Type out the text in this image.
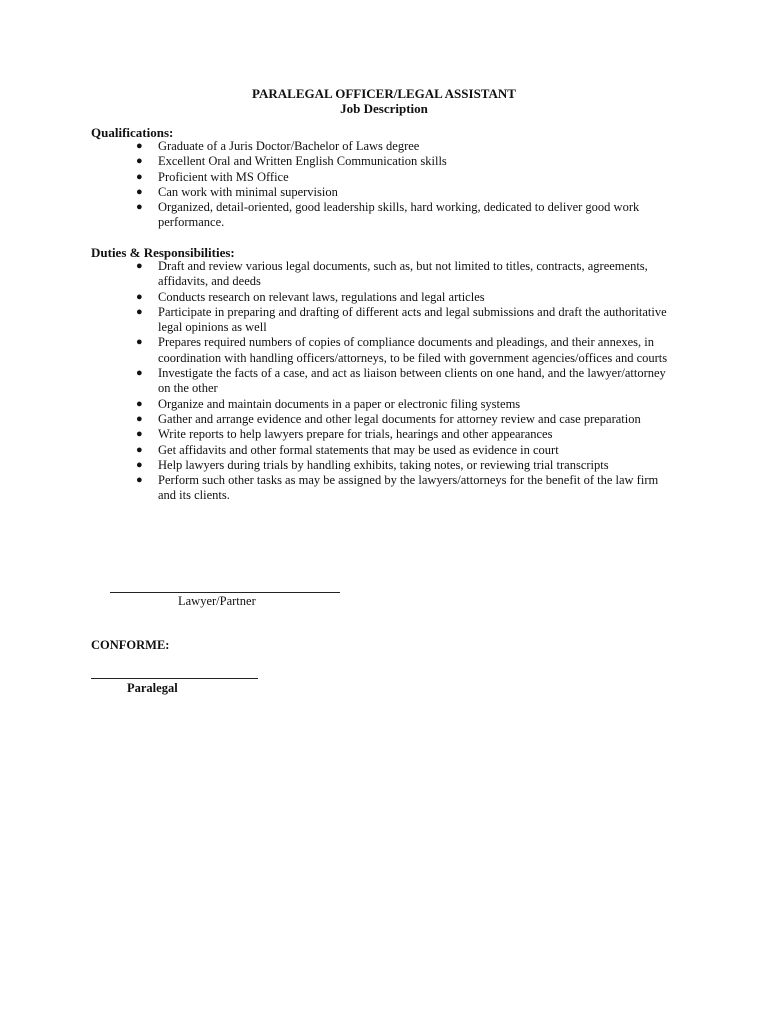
PARALEGAL OFFICER/LEGAL ASSISTANT
Job Description
Qualifications:
● Graduate of a Juris Doctor/Bachelor of Laws degree
● Excellent Oral and Written English Communication skills
● Proficient with MS Office
● Can work with minimal supervision
● Organized, detail-oriented, good leadership skills, hard working, dedicated to deliver good work performance.
Duties & Responsibilities:
● Draft and review various legal documents, such as, but not limited to titles, contracts, agreements, affidavits, and deeds
● Conducts research on relevant laws, regulations and legal articles
● Participate in preparing and drafting of different acts and legal submissions and draft the authoritative legal opinions as well
● Prepares required numbers of copies of compliance documents and pleadings, and their annexes, in coordination with handling officers/attorneys, to be filed with government agencies/offices and courts
● Investigate the facts of a case, and act as liaison between clients on one hand, and the lawyer/attorney on the other
● Organize and maintain documents in a paper or electronic filing systems
● Gather and arrange evidence and other legal documents for attorney review and case preparation
● Write reports to help lawyers prepare for trials, hearings and other appearances
● Get affidavits and other formal statements that may be used as evidence in court
● Help lawyers during trials by handling exhibits, taking notes, or reviewing trial transcripts
● Perform such other tasks as may be assigned by the lawyers/attorneys for the benefit of the law firm and its clients.
Lawyer/Partner
CONFORME:
Paralegal
